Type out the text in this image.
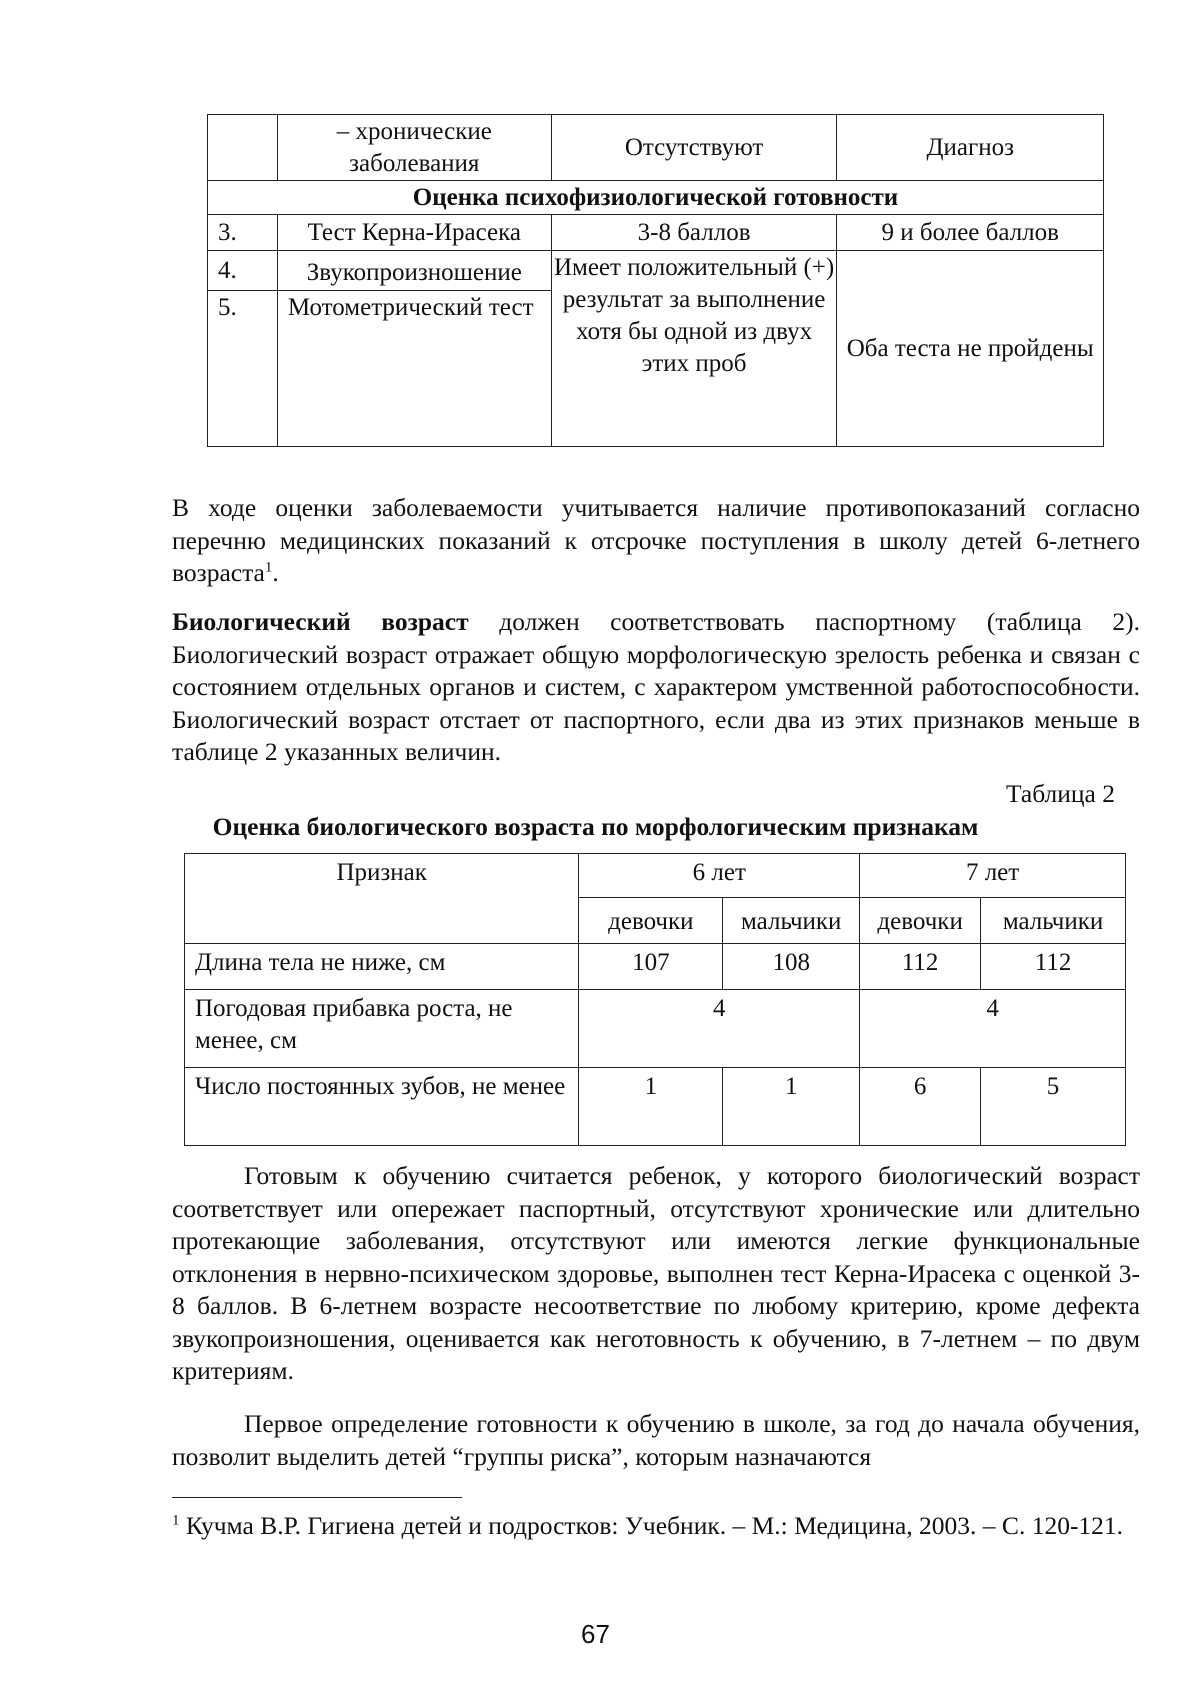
	– хронические заболевания	Отсутствуют	Диагноз
Оценка психофизиологической готовности			
3.	Тест Керна-Ирасека	3-8 баллов	9 и более баллов
4.	Звукопроизношение	Имеет положительный (+) результат за выполнение хотя бы одной из двух этих проб	Оба теста не пройдены
5.	Мотометрический тест		

В ходе оценки заболеваемости учитывается наличие противопоказаний согласно перечню медицинских показаний к отсрочке поступления в школу детей 6-летнего возраста$^1$.

Биологический возраст должен соответствовать паспортному (таблица 2). Биологический возраст отражает общую морфологическую зрелость ребенка и связан с состоянием отдельных органов и систем, с характером умственной работоспособности. Биологический возраст отстает от паспортного, если два из этих признаков меньше в таблице 2 указанных величин.

Таблица 2
Оценка биологического возраста по морфологическим признакам
Признак	6 лет		7 лет	
	девочки	мальчики	девочки	мальчики
Длина тела не ниже, см	107	108	112	112
Погодовая прибавка роста, не менее, см	4		4	
Число постоянных зубов, не менее	1	1	6	5

Готовым к обучению считается ребенок, у которого биологический возраст соответствует или опережает паспортный, отсутствуют хронические или длительно протекающие заболевания, отсутствуют или имеются легкие функциональные отклонения в нервно-психическом здоровье, выполнен тест Керна-Ирасека с оценкой 3-8 баллов. В 6-летнем возрасте несоответствие по любому критерию, кроме дефекта звукопроизношения, оценивается как неготовность к обучению, в 7-летнем – по двум критериям.

Первое определение готовности к обучению в школе, за год до начала обучения, позволит выделить детей “группы риска”, которым назначаются

$^1$ Кучма В.Р. Гигиена детей и подростков: Учебник. – М.: Медицина, 2003. – С. 120-121.

67
